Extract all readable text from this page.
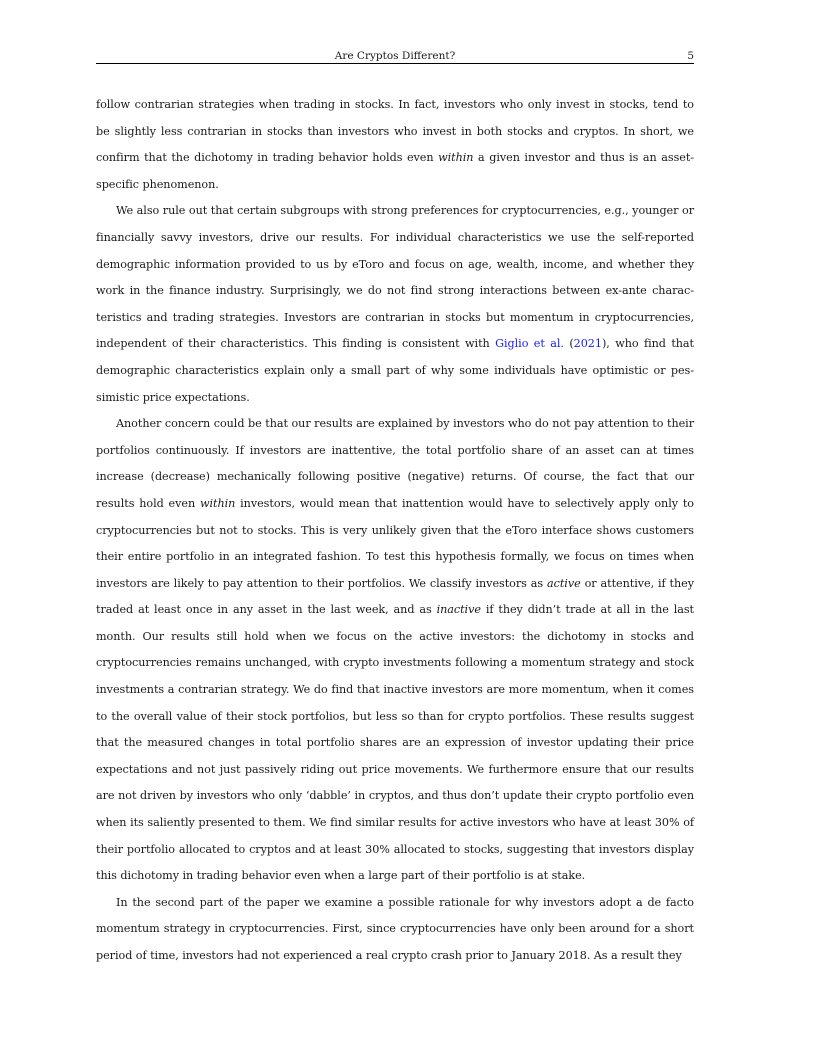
Are Cryptos Different?	5

follow contrarian strategies when trading in stocks. In fact, investors who only invest in stocks, tend to be slightly less contrarian in stocks than investors who invest in both stocks and cryptos. In short, we confirm that the dichotomy in trading behavior holds even within a given investor and thus is an asset-specific phenomenon.

We also rule out that certain subgroups with strong preferences for cryptocurrencies, e.g., younger or financially savvy investors, drive our results. For individual characteristics we use the self-reported demographic information provided to us by eToro and focus on age, wealth, income, and whether they work in the finance industry. Surprisingly, we do not find strong interactions between ex-ante characteristics and trading strategies. Investors are contrarian in stocks but momentum in cryptocurrencies, independent of their characteristics. This finding is consistent with Giglio et al. (2021), who find that demographic characteristics explain only a small part of why some individuals have optimistic or pessimistic price expectations.

Another concern could be that our results are explained by investors who do not pay attention to their portfolios continuously. If investors are inattentive, the total portfolio share of an asset can at times increase (decrease) mechanically following positive (negative) returns. Of course, the fact that our results hold even within investors, would mean that inattention would have to selectively apply only to cryptocurrencies but not to stocks. This is very unlikely given that the eToro interface shows customers their entire portfolio in an integrated fashion. To test this hypothesis formally, we focus on times when investors are likely to pay attention to their portfolios. We classify investors as active or attentive, if they traded at least once in any asset in the last week, and as inactive if they didn’t trade at all in the last month. Our results still hold when we focus on the active investors: the dichotomy in stocks and cryptocurrencies remains unchanged, with crypto investments following a momentum strategy and stock investments a contrarian strategy. We do find that inactive investors are more momentum, when it comes to the overall value of their stock portfolios, but less so than for crypto portfolios. These results suggest that the measured changes in total portfolio shares are an expression of investor updating their price expectations and not just passively riding out price movements. We furthermore ensure that our results are not driven by investors who only ‘dabble’ in cryptos, and thus don’t update their crypto portfolio even when its saliently presented to them. We find similar results for active investors who have at least 30% of their portfolio allocated to cryptos and at least 30% allocated to stocks, suggesting that investors display this dichotomy in trading behavior even when a large part of their portfolio is at stake.

In the second part of the paper we examine a possible rationale for why investors adopt a de facto momentum strategy in cryptocurrencies. First, since cryptocurrencies have only been around for a short period of time, investors had not experienced a real crypto crash prior to January 2018. As a result they
